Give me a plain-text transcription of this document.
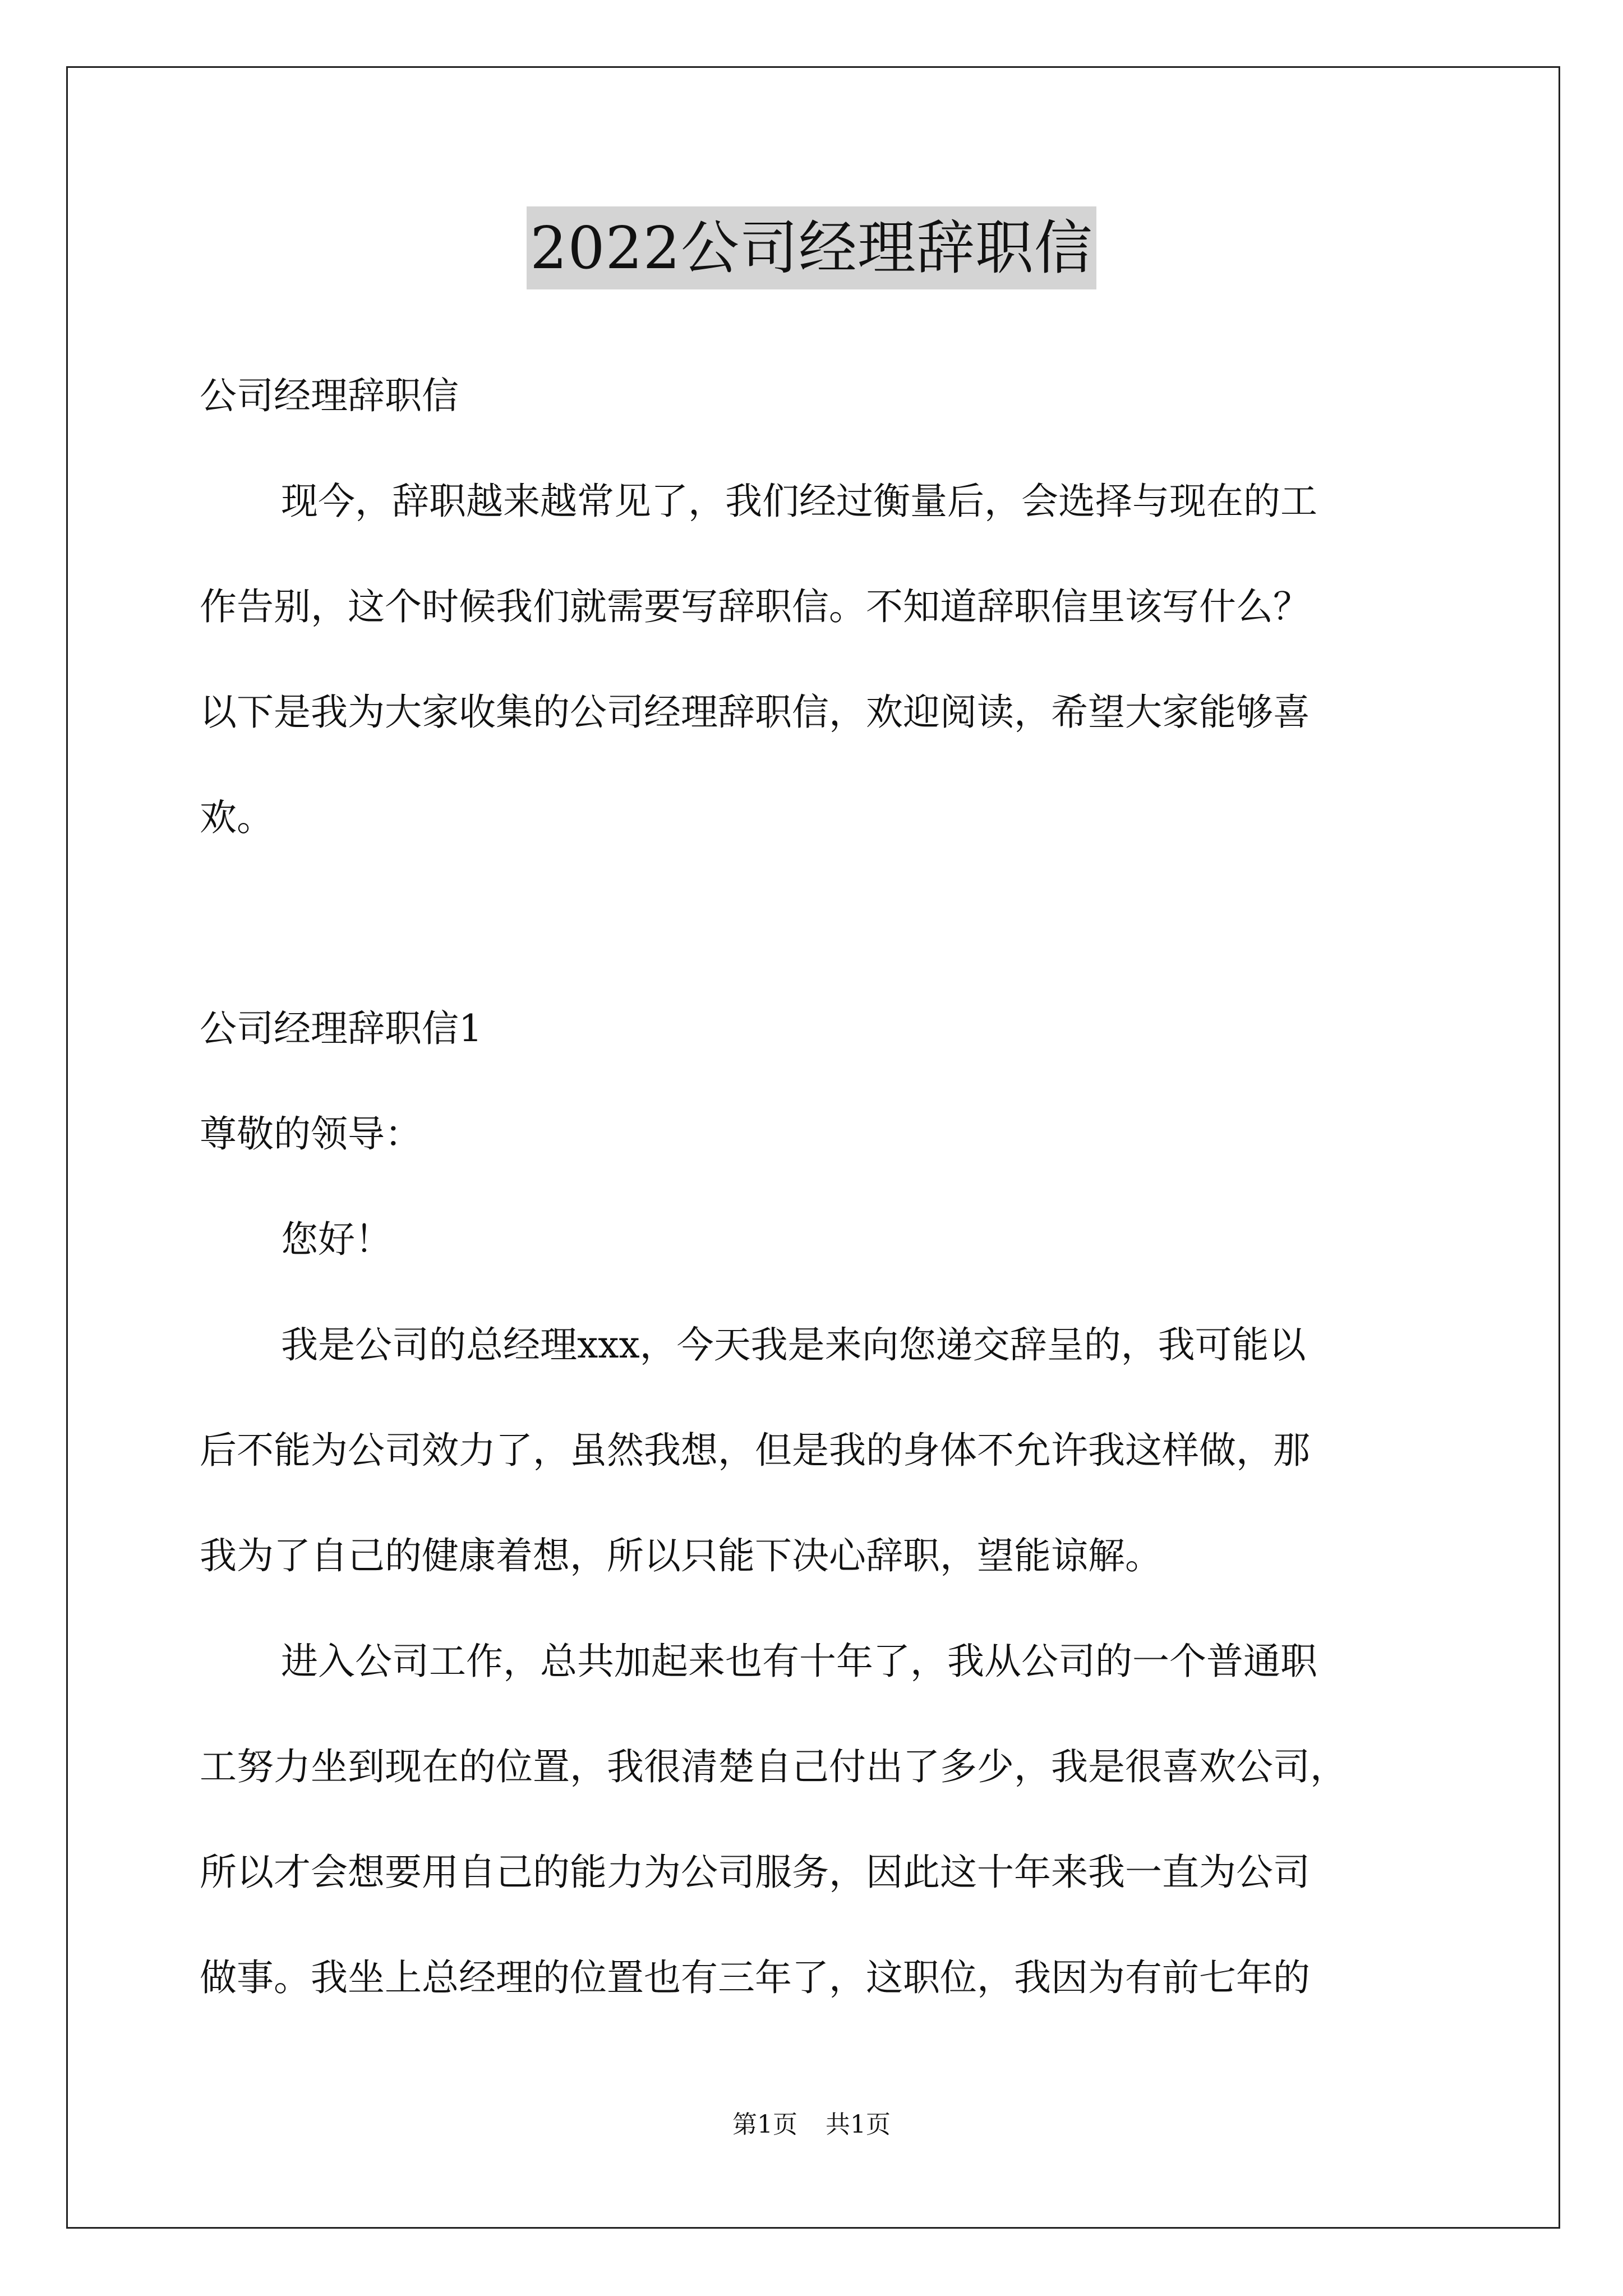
2022公司经理辞职信
公司经理辞职信
现今，辞职越来越常见了，我们经过衡量后，会选择与现在的工
作告别，这个时候我们就需要写辞职信。不知道辞职信里该写什么？
以下是我为大家收集的公司经理辞职信，欢迎阅读，希望大家能够喜
欢。
公司经理辞职信1
尊敬的领导：
您好！
我是公司的总经理xxx，今天我是来向您递交辞呈的，我可能以
后不能为公司效力了，虽然我想，但是我的身体不允许我这样做，那
我为了自己的健康着想，所以只能下决心辞职，望能谅解。
进入公司工作，总共加起来也有十年了，我从公司的一个普通职
工努力坐到现在的位置，我很清楚自己付出了多少，我是很喜欢公司，
所以才会想要用自己的能力为公司服务，因此这十年来我一直为公司
做事。我坐上总经理的位置也有三年了，这职位，我因为有前七年的
第1页 共1页
